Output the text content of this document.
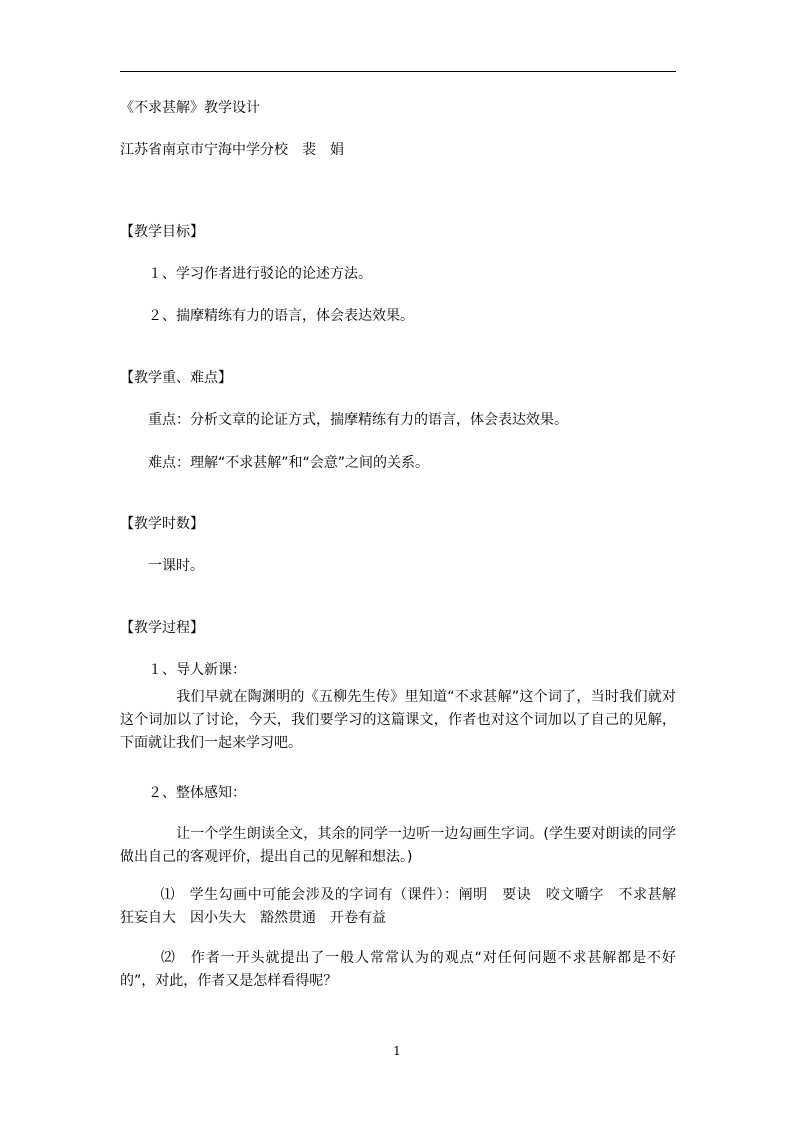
《不求甚解》教学设计
江苏省南京市宁海中学分校　裴　娟
【教学目标】
１、学习作者进行驳论的论述方法。
２、揣摩精练有力的语言，体会表达效果。
【教学重、难点】
重点：分析文章的论证方式，揣摩精练有力的语言，体会表达效果。
难点：理解“不求甚解”和“会意”之间的关系。
【教学时数】
一课时。
【教学过程】
１、导人新课：
我们早就在陶渊明的《五柳先生传》里知道“不求甚解”这个词了，当时我们就对这个词加以了讨论，今天，我们要学习的这篇课文，作者也对这个词加以了自己的见解，下面就让我们一起来学习吧。
２、整体感知：
让一个学生朗读全文，其余的同学一边听一边勾画生字词。(学生要对朗读的同学做出自己的客观评价，提出自己的见解和想法。)
⑴　 学生勾画中可能会涉及的字词有（课件）：阐明　要诀　咬文嚼字　不求甚解　狂妄自大　因小失大　豁然贯通　开卷有益
⑵　 作者一开头就提出了一般人常常认为的观点“对任何问题不求甚解都是不好的”，对此，作者又是怎样看得呢？
1
